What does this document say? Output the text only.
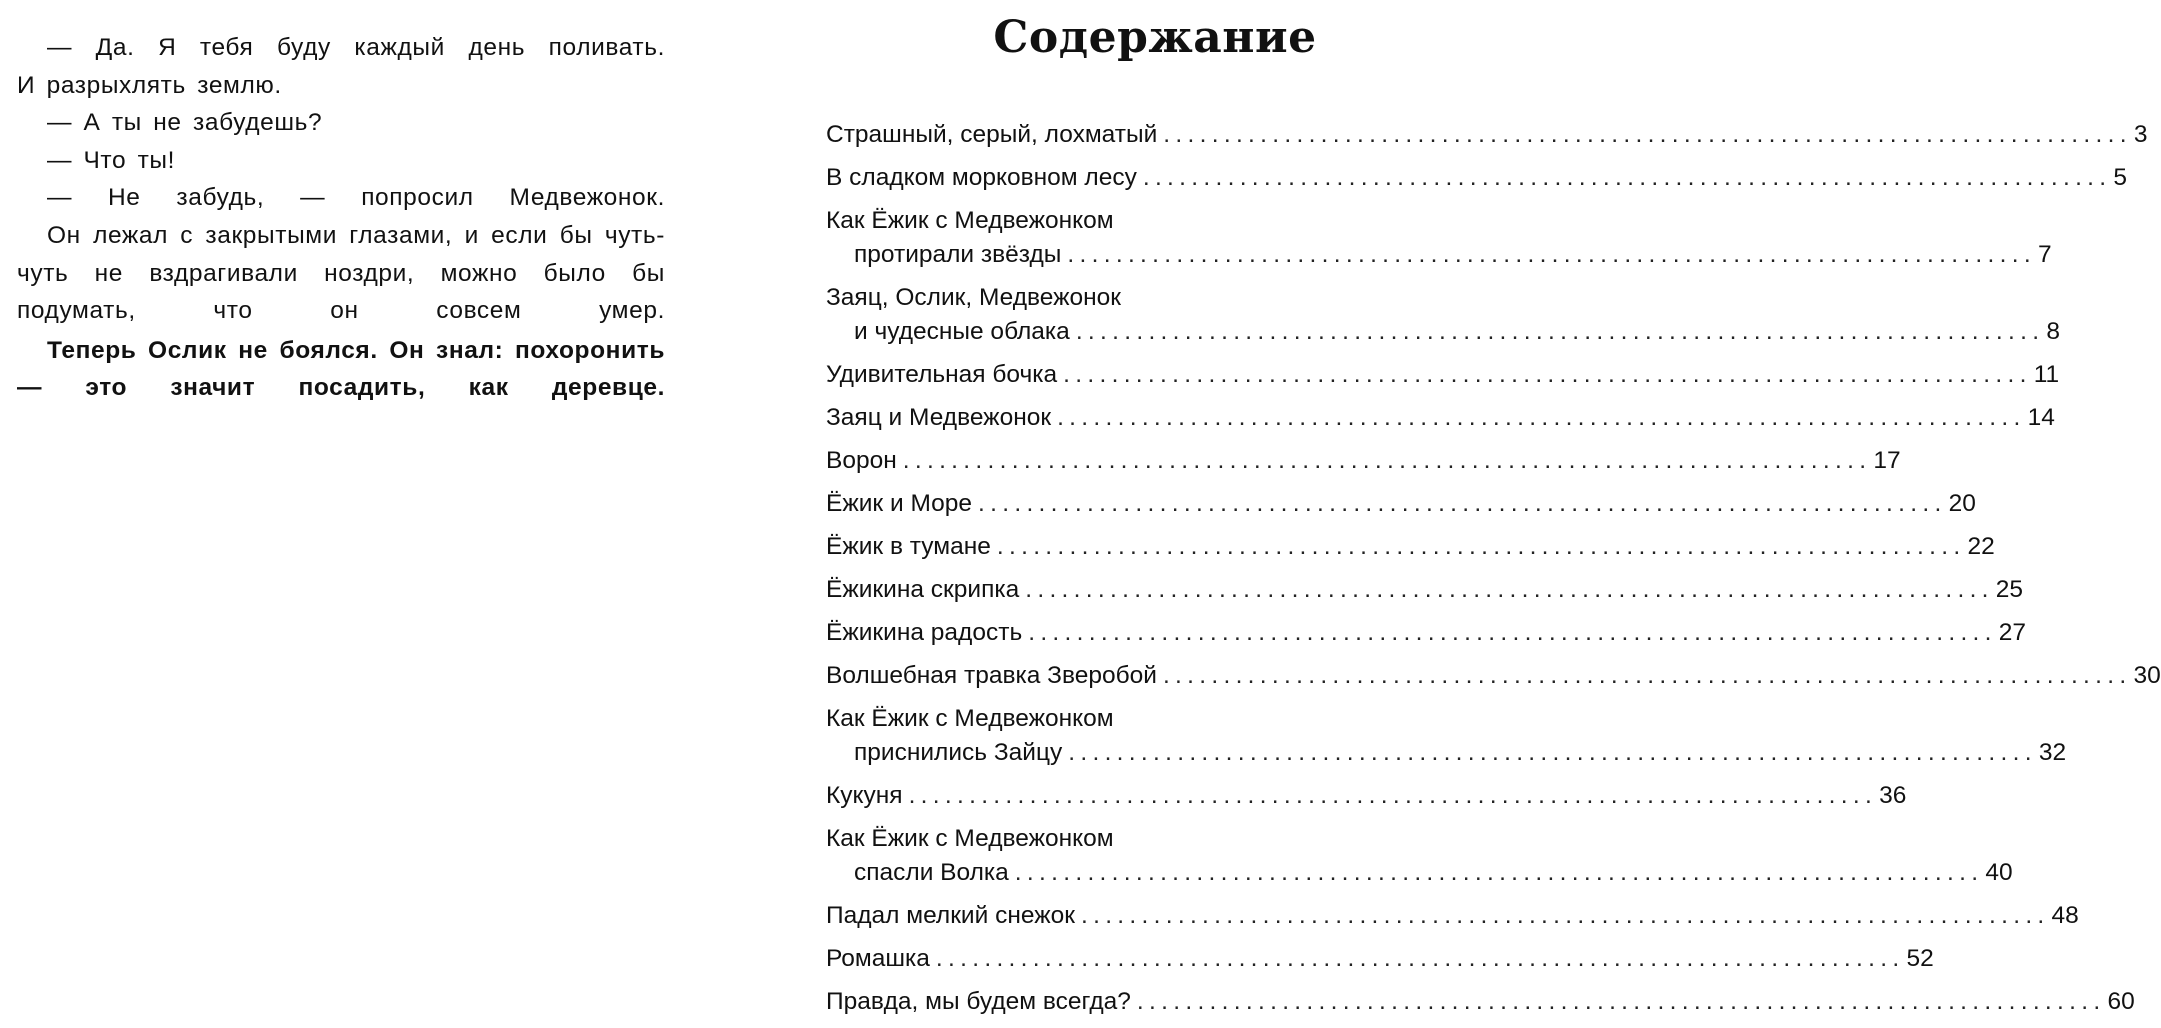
— Да. Я тебя буду каждый день поливать.
И разрыхлять землю.
— А ты не забудешь?
— Что ты!
— Не забудь, — попросил Медвежонок.

Он лежал с закрытыми глазами, и если бы чуть-чуть не вздрагивали ноздри, можно было бы подумать, что он совсем умер.

Теперь Ослик не боялся. Он знал: похоронить — это значит посадить, как деревце.

Содержание
Страшный, серый, лохматый ................................................................................ 3
В сладком морковном лесу ................................................................................ 5
Как Ёжик с Медвежонком
протирали звёзды ................................................................................ 7
Заяц, Ослик, Медвежонок
и чудесные облака ................................................................................ 8
Удивительная бочка ................................................................................ 11
Заяц и Медвежонок ................................................................................ 14
Ворон ................................................................................ 17
Ёжик и Море ................................................................................ 20
Ёжик в тумане ................................................................................ 22
Ёжикина скрипка ................................................................................ 25
Ёжикина радость ................................................................................ 27
Волшебная травка Зверобой ................................................................................ 30
Как Ёжик с Медвежонком
приснились Зайцу ................................................................................ 32
Кукуня ................................................................................ 36
Как Ёжик с Медвежонком
спасли Волка ................................................................................ 40
Падал мелкий снежок ................................................................................ 48
Ромашка ................................................................................ 52
Правда, мы будем всегда? ................................................................................ 60
